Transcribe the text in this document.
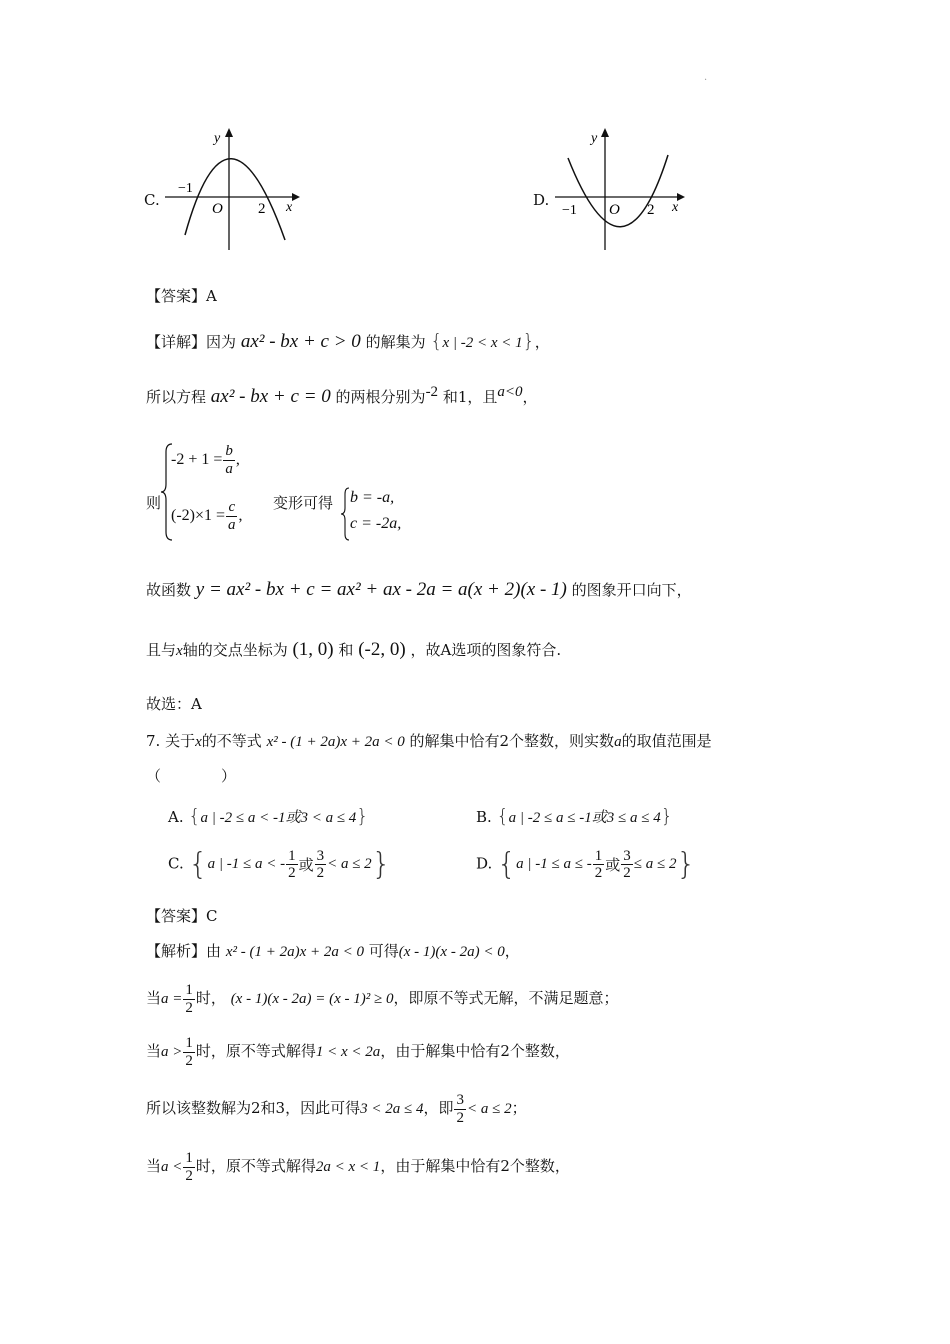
.
C.
y
x
O
−1
2	D.
y
x
O
−1	2
【答案】A
【详解】因为 ax² - bx + c > 0 的解集为 {x | -2 < x < 1}，
所以方程 ax² - bx + c = 0 的两根分别为-2 和1，且a<0，
则
$-2 + 1 = \frac{b}{a}$ ,
$(-2)\times 1 = \frac{c}{a}$ ,
变形可得 b = -a,
c = -2a,
故函数 y = ax² - bx + c = ax² + ax - 2a = a(x + 2)(x - 1) 的图象开口向下，
且与x轴的交点坐标为 (1, 0) 和 (-2, 0) ，故A选项的图象符合.
故选：A
7. 关于x的不等式 x² - (1 + 2a)x + 2a < 0 的解集中恰有2个整数，则实数a的取值范围是
（　　　　）
A. {a | -2 ≤ a < -1或3 < a ≤ 4}	B. {a | -2 ≤ a ≤ -1或3 ≤ a ≤ 4}
C. {a | -1 ≤ a < - $\frac{1}{2}$ 或 $\frac{3}{2} < a \le 2$}	D. {a | -1 ≤ a ≤ - $\frac{1}{2}$ 或 $\frac{3}{2} \le a \le 2$}
【答案】C
【解析】由 x² - (1 + 2a)x + 2a < 0 可得(x - 1)(x - 2a) < 0，
当$a = \frac{1}{2}$ 时， (x - 1)(x - 2a) = (x - 1)² ≥ 0，即原不等式无解，不满足题意；
当$a > \frac{1}{2}$ 时，原不等式解得1 < x < 2a，由于解集中恰有2个整数，
所以该整数解为2和3，因此可得3 < 2a ≤ 4，即 $\frac{3}{2} < a \le 2$；
当$a < \frac{1}{2}$ 时，原不等式解得2a < x < 1，由于解集中恰有2个整数，
